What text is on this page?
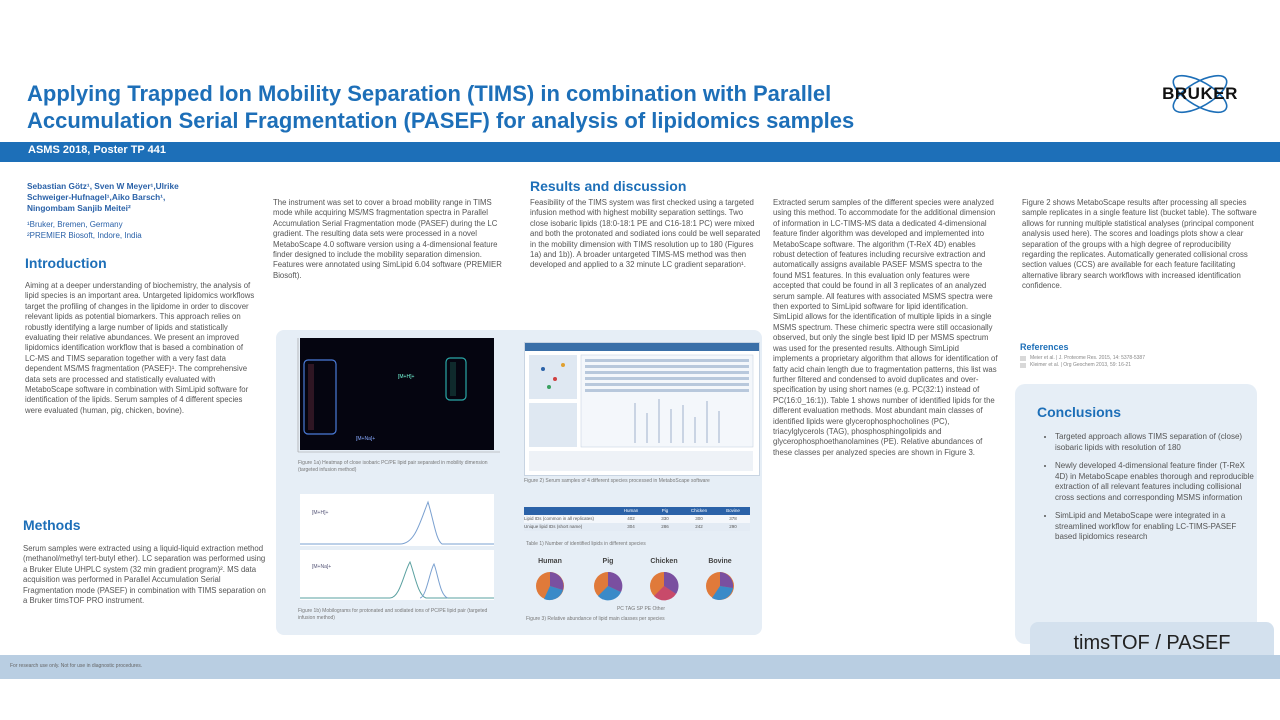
Applying Trapped Ion Mobility Separation (TIMS) in combination with Parallel
Accumulation Serial Fragmentation (PASEF) for analysis of lipidomics samples
BRUKER
ASMS 2018, Poster TP 441
Sebastian Götz¹, Sven W Meyer¹,Ulrike
Schweiger-Hufnagel¹,Aiko Barsch¹,
Ningombam Sanjib Meitei²
¹Bruker, Bremen, Germany
²PREMIER Biosoft, Indore, India
Introduction
Aiming at a deeper understanding of biochemistry, the analysis of lipid species is an important area. Untargeted lipidomics workflows target the profiling of changes in the lipidome in order to discover relevant lipids as potential biomarkers. This approach relies on robustly identifying a large number of lipids and statistically evaluating their relative abundances. We present an improved lipidomics identification workflow that is based a combination of LC-MS and TIMS separation together with a very fast data dependent MS/MS fragmentation (PASEF)¹. The comprehensive data sets are processed and statistically evaluated with MetaboScape software in combination with SimLipid software for identification of the lipids. Serum samples of 4 different species were evaluated (human, pig, chicken, bovine).
Methods
Serum samples were extracted using a liquid-liquid extraction method (methanol/methyl tert-butyl ether). LC separation was performed using a Bruker Elute UHPLC system (32 min gradient program)². MS data acquisition was performed in Parallel Accumulation Serial Fragmentation mode (PASEF) in combination with TIMS separation on a Bruker timsTOF PRO instrument.
The instrument was set to cover a broad mobility range in TIMS mode while acquiring MS/MS fragmentation spectra in Parallel Accumulation Serial Fragmentation mode (PASEF) during the LC gradient. The resulting data sets were processed in a novel MetaboScape 4.0 software version using a 4-dimensional feature finder designed to include the mobility separation dimension. Features were annotated using SimLipid 6.04 software (PREMIER Biosoft).
Results and discussion
Feasibility of the TIMS system was first checked using a targeted infusion method with highest mobility separation settings. Two close isobaric lipids (18:0-18:1 PE and C16-18:1 PC) were mixed and both the protonated and sodiated ions could be well separated in the mobility dimension with TIMS resolution up to 180 (Figures 1a) and 1b)). A broader untargeted TIMS-MS method was then developed and applied to a 32 minute LC gradient separation¹.
Extracted serum samples of the different species were analyzed using this method. To accommodate for the additional dimension of information in LC-TIMS-MS data a dedicated 4-dimensional feature finder algorithm was developed and implemented into MetaboScape software. The algorithm (T-ReX 4D) enables robust detection of features including recursive extraction and automatically assigns available PASEF MSMS spectra to the found MS1 features. In this evaluation only features were accepted that could be found in all 3 replicates of an analyzed serum sample. All features with associated MSMS spectra were then exported to SimLipid software for lipid identification. SimLipid allows for the identification of multiple lipids in a single MSMS spectrum. These chimeric spectra were still occasionally observed, but only the single best lipid ID per MSMS spectrum was used for the presented results. Although SimLipid implements a proprietary algorithm that allows for identification of fatty acid chain length due to fragmentation patterns, this list was further filtered and condensed to avoid duplicates and over-specification by using short names (e.g. PC(32:1) instead of PC(16:0_16:1)). Table 1 shows number of identified lipids for the different evaluation methods. Most abundant main classes of identified lipids were glycerophosphocholines (PC), triacylglycerols (TAG), phosphosphingolipids and glycerophosphoethanolamines (PE). Relative abundances of these classes per analyzed species are shown in Figure 3.
Figure 2 shows MetaboScape results after processing all species sample replicates in a single feature list (bucket table). The software allows for running multiple statistical analyses (principal component analysis used here). The scores and loadings plots show a clear separation of the groups with a high degree of reproducibility regarding the replicates. Automatically generated collisional cross section values (CCS) are available for each feature facilitating alternative library search workflows with increased identification confidence.
References
Meier et al. | J. Proteome Res. 2015, 14: 5378-5387
Kleimer et al. | Org Geochem 2013, 59: 16-21
[M+H]+
[M+Na]+
Figure 1a) Heatmap of close isobaric PC/PE lipid pair separated in mobility dimension (targeted infusion method)
[M+H]+
[M+Na]+
Figure 1b) Mobilograms for protonated and sodiated ions of PC/PE lipid pair (targeted infusion method)
Figure 2) Serum samples of 4 different species processed in MetaboScape software
Human	Pig	Chicken	Bovine
Lipid IDs (common in all replicates)	402	330	300	378
Unique lipid IDs (short name)	304	286	242	290
Table 1) Number of identified lipids in different species
Human	Pig	Chicken	Bovine
PC TAG SP PE Other
Figure 3) Relative abundance of lipid main classes per species
Conclusions
• Targeted approach allows TIMS separation of (close) isobaric lipids with resolution of 180
• Newly developed 4-dimensional feature finder (T-ReX 4D) in MetaboScape enables thorough and reproducible extraction of all relevant features including collisional cross sections and corresponding MSMS information
• SimLipid and MetaboScape were integrated in a streamlined workflow for enabling LC-TIMS-PASEF based lipidomics research
timsTOF / PASEF
For research use only. Not for use in diagnostic procedures.
